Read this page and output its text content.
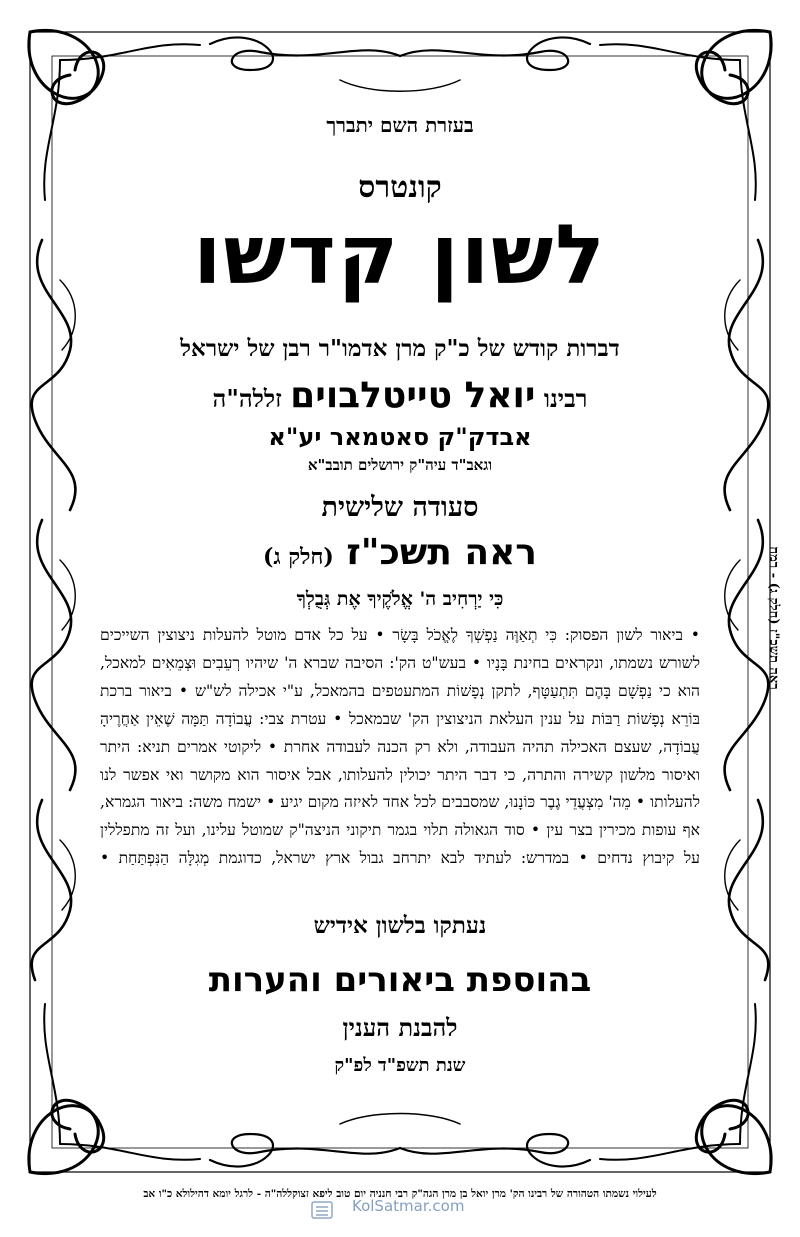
בעזרת השם יתברך
קונטרס
לשון קדשו
דברות קודש של כ"ק מרן אדמו"ר רבן של ישראל
רבינו יואל טייטלבוים זללה"ה
אבדק"ק סאטמאר יע"א
וגאב"ד עיה"ק ירושלים תובב"א
סעודה שלישית
ראה תשכ"ז (חלק ג)
כִּי יַרְחִיב ה' אֱלֹקֶיךָ אֶת גְּבֻלְךָ
• ביאור לשון הפסוק: כִּי תְאַוֶּה נַפְשְׁךָ לֶאֱכֹל בָּשָׂר • על כל אדם מוטל להעלות ניצוצין השייכים לשורש נשמתו, ונקראים בחינת בָּנָיו • בעש"ט הק': הסיבה שברא ה' שיהיו רְעֵבִים וּצְמֵאִים למאכל, הוא כי נַפְשָׁם בָּהֶם תִּתְעַטָּף, לתקן נְפָשׁוֹת המתעטפים בהמאכל, ע"י אכילה לש"ש • ביאור ברכת בּוֹרֵא נְפָשׁוֹת רַבּוֹת על ענין העלאת הניצוצין הק' שבמאכל • עטרת צבי: עֲבוֹדָה תַּמָּה שֶׁאֵין אַחֲרֶיהָ עֲבוֹדָה, שעצם האכילה תהיה העבודה, ולא רק הכנה לעבודה אחרת • ליקוטי אמרים תניא: היתר ואיסור מלשון קשירה והתרה, כי דבר היתר יכולין להעלותו, אבל איסור הוא מקושר ואי אפשר לנו להעלותו • מֵה' מִצְעֲדֵי גֶבֶר כּוֹנָנוּ, שמסבבים לכל אחד לאיזה מקום יגיע • ישמח משה: ביאור הגמרא, אף עופות מכירין בצר עין • סוד הגאולה תלוי בגמר תיקוני הניצה"ק שמוטל עלינו, ועל זה מתפללין על קיבוץ נדחים • במדרש: לעתיד לבא יתרחב גבול ארץ ישראל, כדוגמת מְגִלָּה הַנִּפְתַּחַת •
נעתקו בלשון אידיש
בהוספת ביאורים והערות
להבנת הענין
שנת תשפ"ד לפ"ק
ראה תשכ"ז (חלק ג) - רמח
לעילוי נשמתו הטהורה של רבינו הק' מרן יואל בן מרן הגה"ק רבי חנניה יום טוב ליפא זצוקללה"ה - לרגל יומא דהילולא כ"ו אב
KolSatmar.com
